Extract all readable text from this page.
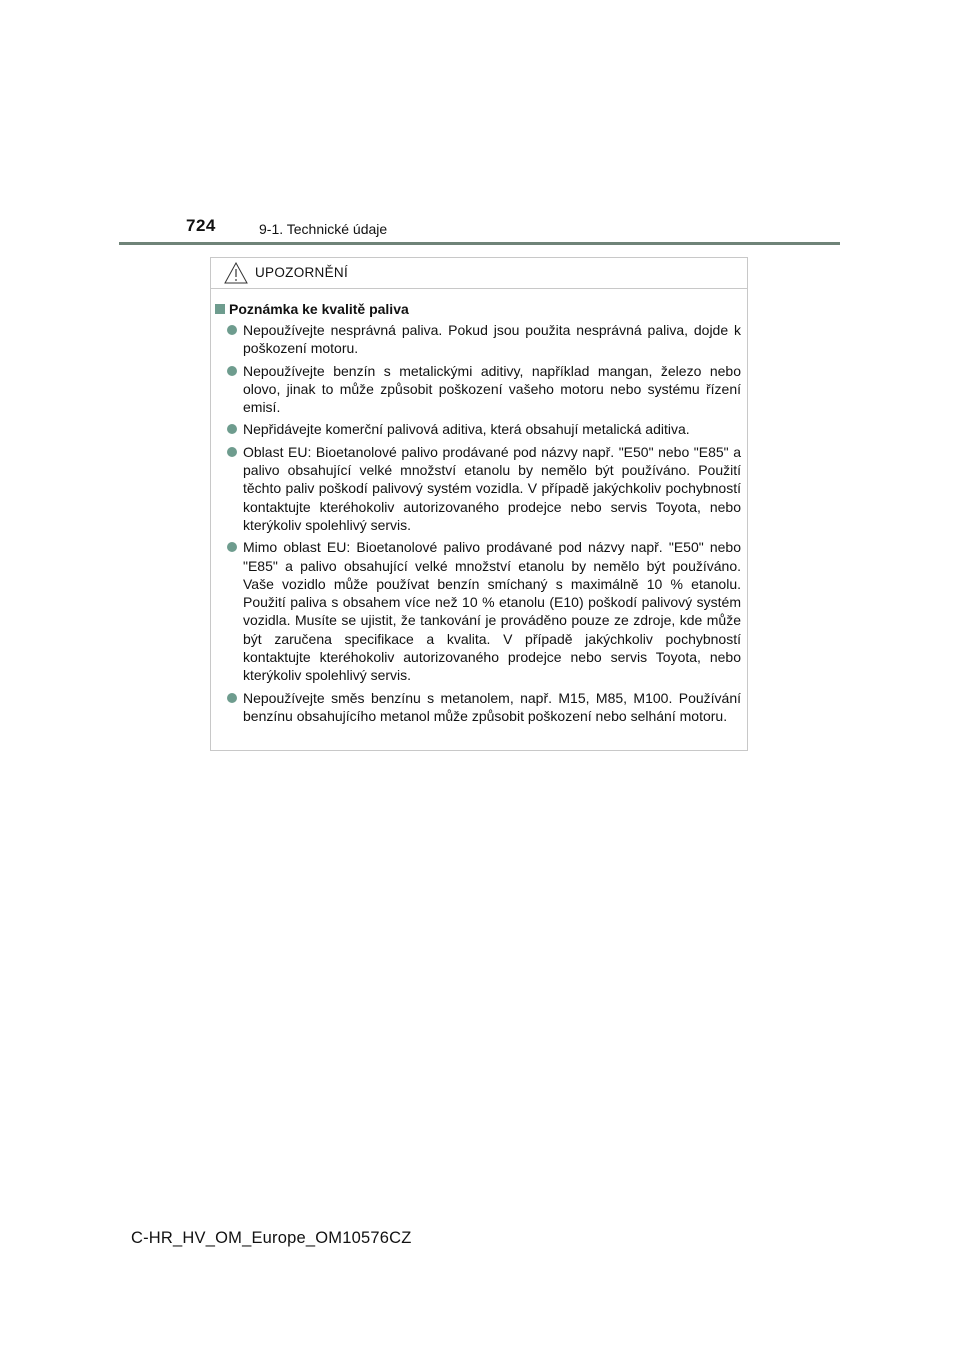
724	9-1. Technické údaje
UPOZORNĚNÍ
Poznámka ke kvalitě paliva
Nepoužívejte nesprávná paliva. Pokud jsou použita nesprávná paliva, dojde k poškození motoru.
Nepoužívejte benzín s metalickými aditivy, například mangan, železo nebo olovo, jinak to může způsobit poškození vašeho motoru nebo systému řízení emisí.
Nepřidávejte komerční palivová aditiva, která obsahují metalická aditiva.
Oblast EU: Bioetanolové palivo prodávané pod názvy např. "E50" nebo "E85" a palivo obsahující velké množství etanolu by nemělo být používáno. Použití těchto paliv poškodí palivový systém vozidla. V případě jakýchkoliv pochybností kontaktujte kteréhokoliv autorizovaného prodejce nebo servis Toyota, nebo kterýkoliv spolehlivý servis.
Mimo oblast EU: Bioetanolové palivo prodávané pod názvy např. "E50" nebo "E85" a palivo obsahující velké množství etanolu by nemělo být používáno. Vaše vozidlo může používat benzín smíchaný s maximálně 10 % etanolu. Použití paliva s obsahem více než 10 % etanolu (E10) poškodí palivový systém vozidla. Musíte se ujistit, že tankování je prováděno pouze ze zdroje, kde může být zaručena specifikace a kvalita. V případě jakýchkoliv pochybností kontaktujte kteréhokoliv autorizovaného prodejce nebo servis Toyota, nebo kterýkoliv spolehlivý servis.
Nepoužívejte směs benzínu s metanolem, např. M15, M85, M100. Používání benzínu obsahujícího metanol může způsobit poškození nebo selhání motoru.
C-HR_HV_OM_Europe_OM10576CZ
